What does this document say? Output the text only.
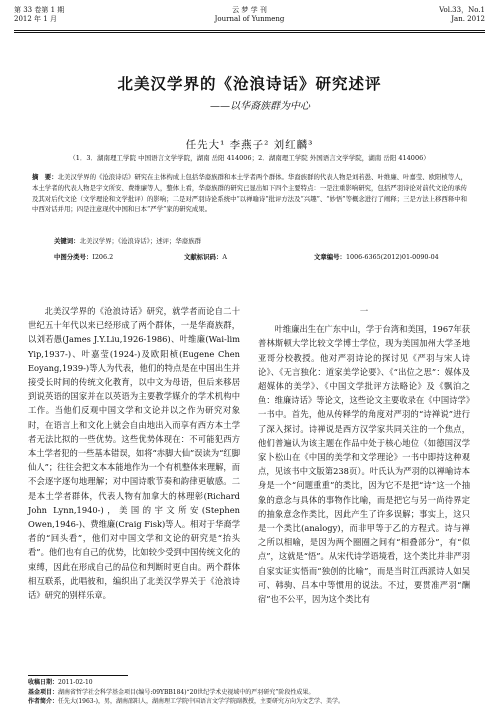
第 33 卷第 1 期
2012 年 1 月
云 梦 学 刊
Journal of Yunmeng
Vol.33，No.1
Jan. 2012
北美汉学界的《沧浪诗话》研究述评
——以华裔族群为中心
任先大¹ 李燕子² 刘红麟³
（1．3．湖南理工学院 中国语言文学学院，湖南 岳阳 414006；2．湖南理工学院 外国语言文学学院，湖南 岳阳 414006）
摘　要：北美汉学界的《沧浪诗话》研究在主体构成上包括华裔族群和本土学者两个群体。华裔族群的代表人物是刘若愚、叶维廉、叶嘉莹、欧阳桢等人，本土学者的代表人物是宇文所安、费维廉等人，整体上看，华裔族群的研究已显出如下四个主要特点：一是注重影响研究，包括严羽诗论对前代文论的承传及其对后代文论（文学理论和文学批评）的影响；二是对严羽诗论系统中“以禅喻诗”批评方法及“兴趣”、“妙悟”等概念进行了阐释；三是方法上移西释中和中西对话并用；四是注意现代中国和日本“严学”家的研究成果。
关键词：北美汉学界；《沧浪诗话》；述评；华裔族群
中图分类号：I206.2	文献标识码：A	文章编号：1006-6365(2012)01-0090-04

北美汉学界的《沧浪诗话》研究，就学者而论自二十世纪五十年代以来已经形成了两个群体，一是华裔族群，以刘若愚(James J.Y.Liu,1926-1986)、叶维廉(Wai-lim Yip,1937-)、叶嘉莹(1924-)及欧阳桢(Eugene Chen Eoyang,1939-)等人为代表，他们的特点是在中国出生并接受长时间的传统文化教育，以中文为母语，但后来移居到说英语的国家并在以英语为主要教学媒介的学术机构中工作。当他们反观中国文学和文论并以之作为研究对象时，在语言上和文化上就会自由地出入而享有西方本土学者无法比拟的一些优势。这些优势体现在：不可能犯西方本土学者犯的一些基本错误，如将“赤脚大仙”误读为“红脚仙人”；往往会把文本本能地作为一个有机整体来理解，而不会逐字逐句地理解；对中国诗歌节奏和韵律更敏感。二是本土学者群体，代表人物有加拿大的林理彰(Richard John Lynn,1940-)，美国的宇文所安(Stephen Owen,1946-)、费维廉(Craig Fisk)等人。相对于华裔学者的“回头看”，他们对中国文学和文论的研究是“抬头看”。他们也有自己的优势，比如较少受到中国传统文化的束缚，因此在形成自己的品位和判断时更自由。两个群体相互联系，此唱彼和，编织出了北美汉学界关于《沧浪诗话》研究的别样乐章。

一

叶维廉出生在广东中山，学于台湾和美国，1967年获普林斯顿大学比较文学博士学位，现为美国加州大学圣地亚哥分校教授。他对严羽诗论的探讨见《严羽与宋人诗论》、《无言独化：道家美学论要》、《“出位之思”：媒体及超媒体的美学》、《中国文学批评方法略论》及《飘泊之鱼：维廉诗话》等论文，这些论文主要收录在《中国诗学》一书中。首先，他从传释学的角度对严羽的“诗禅说”进行了深入探讨。诗禅说是西方汉学家共同关注的一个焦点，他们普遍认为该主题在作品中处于核心地位（如德国汉学家卜松山在《中国的美学和文学理论》一书中即持这种观点，见该书中文版第238页）。叶氏认为严羽的以禅喻诗本身是一个“问题重重”的类比，因为它不是把“诗”这一个抽象的意念与具体的事物作比喻，而是把它与另一尚待界定的抽象意念作类比，因此产生了许多误解；事实上，这只是一个类比(analogy)，而非甲等于乙的方程式。诗与禅之所以相喻，是因为两个圈圈之间有“相叠部分”，有“似点”，这就是“悟”。从宋代诗学语境看，这个类比并非严羽自家实证实悟而“独创的比喻”，而是当时江西派诗人如吴可、韩驹、吕本中等惯用的说法。不过，要贯准严羽“酬宿”也不公平，因为这个类比有

收稿日期：2011-02-10
基金项目：湖南省哲学社会科学基金项目(编号:09YBB184)“20世纪学术史视域中的严羽研究”阶段性成果。
作者简介：任先大(1963-)，男，湖南邵阳人，湖南理工学院中国语言文学学院副教授，主要研究方向为文艺学、美学。
